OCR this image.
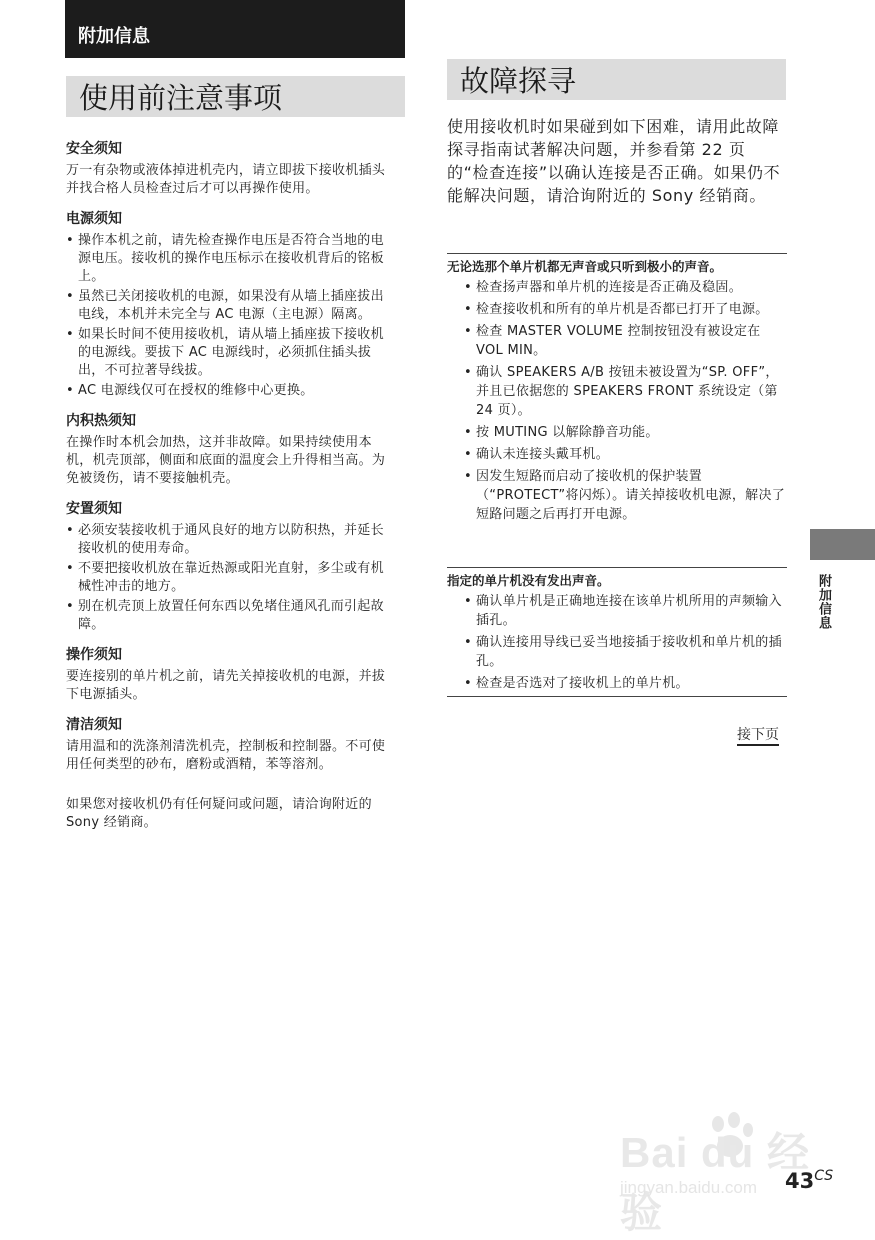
附加信息
使用前注意事项
安全须知

万一有杂物或液体掉进机壳内，请立即拔下接收机插头并找合格人员检查过后才可以再操作使用。

电源须知
• 操作本机之前，请先检查操作电压是否符合当地的电源电压。接收机的操作电压标示在接收机背后的铭板上。
• 虽然已关闭接收机的电源，如果没有从墙上插座拔出电线，本机并未完全与 AC 电源（主电源）隔离。
• 如果长时间不使用接收机，请从墙上插座拔下接收机的电源线。要拔下 AC 电源线时，必须抓住插头拔出，不可拉著导线拔。
• AC 电源线仅可在授权的维修中心更换。
内积热须知

在操作时本机会加热，这并非故障。如果持续使用本机，机壳顶部，侧面和底面的温度会上升得相当高。为免被烫伤，请不要接触机壳。

安置须知
• 必须安装接收机于通风良好的地方以防积热，并延长接收机的使用寿命。
• 不要把接收机放在靠近热源或阳光直射，多尘或有机械性冲击的地方。
• 别在机壳顶上放置任何东西以免堵住通风孔而引起故障。
操作须知

要连接别的单片机之前，请先关掉接收机的电源，并拔下电源插头。

清洁须知

请用温和的洗涤剂清洗机壳，控制板和控制器。不可使用任何类型的砂布，磨粉或酒精，苯等溶剂。

如果您对接收机仍有任何疑问或问题，请洽询附近的 Sony 经销商。

故障探寻
使用接收机时如果碰到如下困难，请用此故障探寻指南试著解决问题，并参看第 22 页的“检查连接”以确认连接是否正确。如果仍不能解决问题，请洽询附近的 Sony 经销商。
无论选那个单片机都无声音或只听到极小的声音。
• 检查扬声器和单片机的连接是否正确及稳固。
• 检查接收机和所有的单片机是否都已打开了电源。
• 检查 MASTER VOLUME 控制按钮没有被设定在 VOL MIN。
• 确认 SPEAKERS A/B 按钮未被设置为“SP. OFF”，并且已依据您的 SPEAKERS FRONT 系统设定（第 24 页）。
• 按 MUTING 以解除静音功能。
• 确认未连接头戴耳机。
• 因发生短路而启动了接收机的保护装置（“PROTECT”将闪烁）。请关掉接收机电源，解决了短路问题之后再打开电源。
指定的单片机没有发出声音。
• 确认单片机是正确地连接在该单片机所用的声频输入插孔。
• 确认连接用导线已妥当地接插于接收机和单片机的插孔。
• 检查是否选对了接收机上的单片机。
接下页
附加信息
Bai du 经验
jingyan.baidu.com $43^{CS}$
